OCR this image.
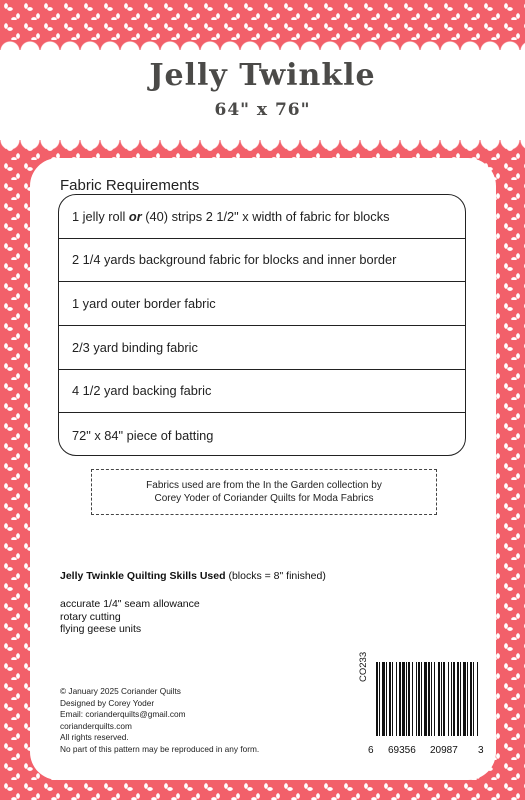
Jelly Twinkle
64" x 76"
Fabric Requirements
1 jelly roll or (40) strips 2 1/2" x width of fabric for blocks
2 1/4 yards background fabric for blocks and inner border
1 yard outer border fabric
2/3 yard binding fabric
4 1/2 yard backing fabric
72" x 84" piece of batting
Fabrics used are from the In the Garden collection by
Corey Yoder of Coriander Quilts for Moda Fabrics
Jelly Twinkle Quilting Skills Used (blocks = 8" finished)
accurate 1/4" seam allowance
rotary cutting
flying geese units
© January 2025 Coriander Quilts
Designed by Corey Yoder
Email: corianderquilts@gmail.com
corianderquilts.com
All rights reserved.
No part of this pattern may be reproduced in any form.
CO233
6 69356 20987 3
